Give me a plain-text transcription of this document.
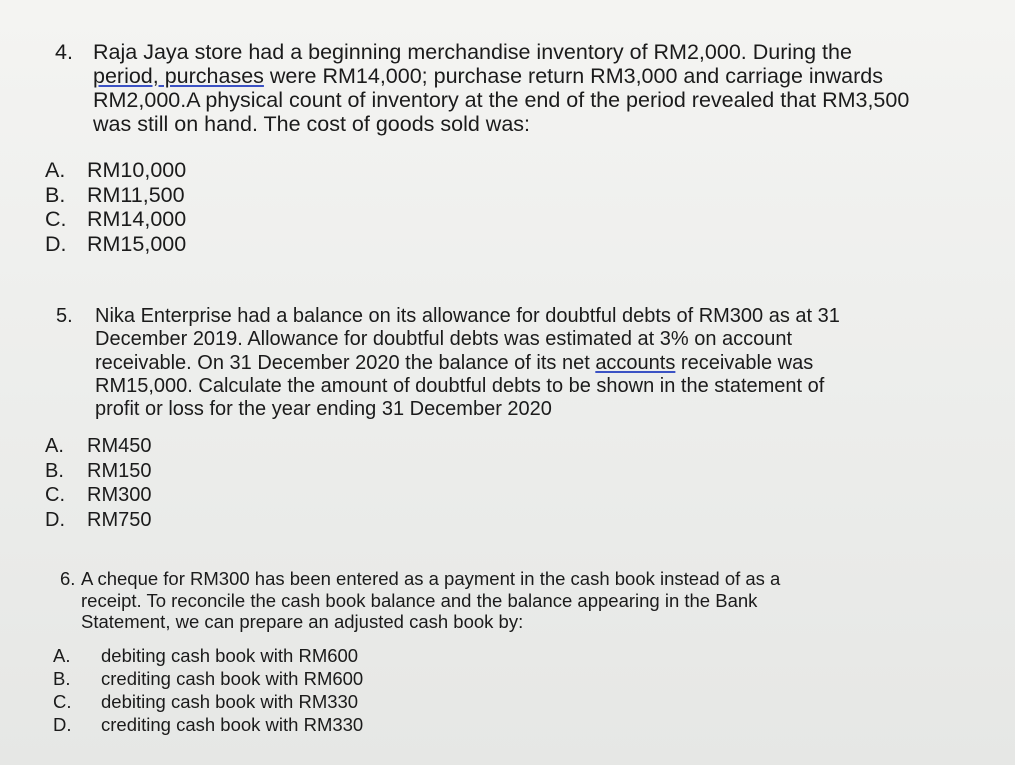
4. Raja Jaya store had a beginning merchandise inventory of RM2,000. During the
period, purchases were RM14,000; purchase return RM3,000 and carriage inwards
RM2,000.A physical count of inventory at the end of the period revealed that RM3,500
was still on hand. The cost of goods sold was:
A. RM10,000
B. RM11,500
C. RM14,000
D. RM15,000
5. Nika Enterprise had a balance on its allowance for doubtful debts of RM300 as at 31
December 2019. Allowance for doubtful debts was estimated at 3% on account
receivable. On 31 December 2020 the balance of its net accounts receivable was
RM15,000. Calculate the amount of doubtful debts to be shown in the statement of
profit or loss for the year ending 31 December 2020
A. RM450
B. RM150
C. RM300
D. RM750
6. A cheque for RM300 has been entered as a payment in the cash book instead of as a
receipt. To reconcile the cash book balance and the balance appearing in the Bank
Statement, we can prepare an adjusted cash book by:
A. debiting cash book with RM600
B. crediting cash book with RM600
C. debiting cash book with RM330
D. crediting cash book with RM330
